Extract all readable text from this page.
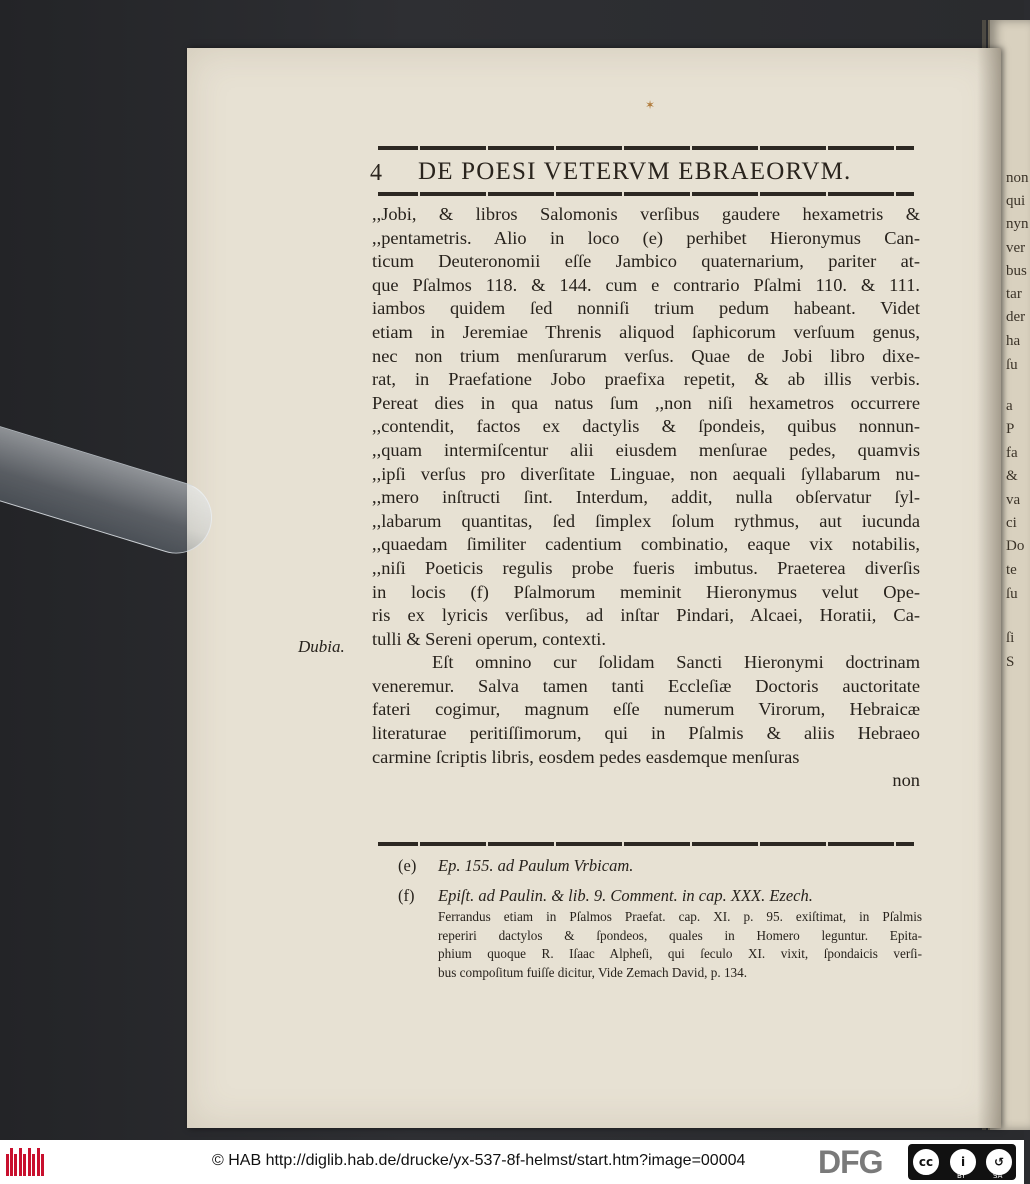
non
qui
nyn
ver
bus
tar
der
ha
ſu
a
P
fa
&
va
ci
Do
te
ſu
ſi
S
✶
4 DE POESI VETERVM EBRAEORVM.
,,Jobi, & libros Salomonis verſibus gaudere hexametris &
,,pentametris. Alio in loco (e) perhibet Hieronymus Can-
ticum Deuteronomii eſſe Jambico quaternarium, pariter at-
que Pſalmos 118. & 144. cum e contrario Pſalmi 110. & 111.
iambos quidem ſed nonniſi trium pedum habeant. Videt
etiam in Jeremiae Threnis aliquod ſaphicorum verſuum genus,
nec non trium menſurarum verſus. Quae de Jobi libro dixe-
rat, in Praefatione Jobo praefixa repetit, & ab illis verbis.
Pereat dies in qua natus ſum ,,non niſi hexametros occurrere
,,contendit, factos ex dactylis & ſpondeis, quibus nonnun-
,,quam intermiſcentur alii eiusdem menſurae pedes, quamvis
,,ipſi verſus pro diverſitate Linguae, non aequali ſyllabarum nu-
,,mero inſtructi ſint. Interdum, addit, nulla obſervatur ſyl-
,,labarum quantitas, ſed ſimplex ſolum rythmus, aut iucunda
,,quaedam ſimiliter cadentium combinatio, eaque vix notabilis,
,,niſi Poeticis regulis probe fueris imbutus. Praeterea diverſis
in locis (f) Pſalmorum meminit Hieronymus velut Ope-
ris ex lyricis verſibus, ad inſtar Pindari, Alcaei, Horatii, Ca-
tulli & Sereni operum, contexti.
Eſt omnino cur ſolidam Sancti Hieronymi doctrinam
veneremur. Salva tamen tanti Eccleſiæ Doctoris auctoritate
fateri cogimur, magnum eſſe numerum Virorum, Hebraicæ
literaturae peritiſſimorum, qui in Pſalmis & aliis Hebraeo
carmine ſcriptis libris, eosdem pedes easdemque menſuras
non
Dubia.
(e) Ep. 155. ad Paulum Vrbicam.
(f) Epiſt. ad Paulin. & lib. 9. Comment. in cap. XXX. Ezech.
Ferrandus etiam in Pſalmos Praefat. cap. XI. p. 95. exiſtimat, in Pſalmis
reperiri dactylos & ſpondeos, quales in Homero leguntur. Epita-
phium quoque R. Iſaac Alpheſi, qui ſeculo XI. vixit, ſpondaicis verſi-
bus compoſitum fuiſſe dicitur, Vide Zemach David, p. 134.
© HAB http://diglib.hab.de/drucke/yx-537-8f-helmst/start.htm?image=00004 DFG	cc	i	↺
BY	SA
